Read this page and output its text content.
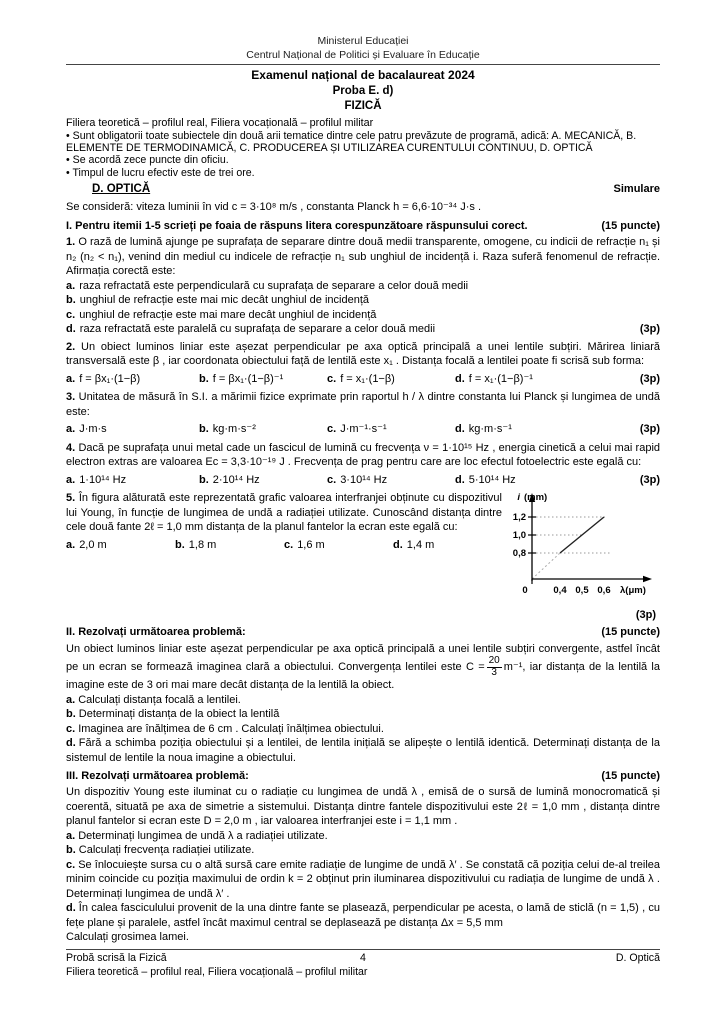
Ministerul Educației
Centrul Național de Politici și Evaluare în Educație
Examenul național de bacalaureat 2024
Proba E. d)
FIZICĂ
Filiera teoretică – profilul real, Filiera vocațională – profilul militar
• Sunt obligatorii toate subiectele din două arii tematice dintre cele patru prevăzute de programă, adică: A. MECANICĂ, B. ELEMENTE DE TERMODINAMICĂ, C. PRODUCEREA ȘI UTILIZAREA CURENTULUI CONTINUU, D. OPTICĂ
• Se acordă zece puncte din oficiu.
• Timpul de lucru efectiv este de trei ore.
D. OPTICĂ	Simulare
Se consideră: viteza luminii în vid c = 3·10⁸ m/s , constanta Planck h = 6,6·10⁻³⁴ J·s .
I. Pentru itemii 1-5 scrieți pe foaia de răspuns litera corespunzătoare răspunsului corect.	(15 puncte)

1. O rază de lumină ajunge pe suprafața de separare dintre două medii transparente, omogene, cu indicii de refracție n₁ și n₂ (n₂ < n₁), venind din mediul cu indicele de refracție n₁ sub unghiul de incidență i. Raza suferă fenomenul de refracție. Afirmația corectă este:

a. raza refractată este perpendiculară cu suprafața de separare a celor două medii
b. unghiul de refracție este mai mic decât unghiul de incidență
c. unghiul de refracție este mai mare decât unghiul de incidență
d. raza refractată este paralelă cu suprafața de separare a celor două medii	(3p)

2. Un obiect luminos liniar este așezat perpendicular pe axa optică principală a unei lentile subțiri. Mărirea liniară transversală este β , iar coordonata obiectului față de lentilă este x₁ . Distanța focală a lentilei poate fi scrisă sub forma:

a. f = βx₁·(1−β)	b. f = βx₁·(1−β)⁻¹	c. f = x₁·(1−β)	d. f = x₁·(1−β)⁻¹	(3p)

3. Unitatea de măsură în S.I. a mărimii fizice exprimate prin raportul h / λ dintre constanta lui Planck și lungimea de undă este:

a. J·m·s	b. kg·m·s⁻²	c. J·m⁻¹·s⁻¹	d. kg·m·s⁻¹	(3p)

4. Dacă pe suprafața unui metal cade un fascicul de lumină cu frecvența ν = 1·10¹⁵ Hz , energia cinetică a celui mai rapid electron extras are valoarea Ec = 3,3·10⁻¹⁹ J . Frecvența de prag pentru care are loc efectul fotoelectric este egală cu:

a. 1·10¹⁴ Hz	b. 2·10¹⁴ Hz	c. 3·10¹⁴ Hz	d. 5·10¹⁴ Hz	(3p)
i (mm)
1,2
1,0
0,8
0	0,4 0,5 0,6 λ(μm)
(3p)

5. În figura alăturată este reprezentată grafic valoarea interfranjei obținute cu dispozitivul lui Young, în funcție de lungimea de undă a radiației utilizate. Cunoscând distanța dintre cele două fante 2ℓ = 1,0 mm distanța de la planul fantelor la ecran este egală cu:

a. 2,0 m	b. 1,8 m	c. 1,6 m	d. 1,4 m
II. Rezolvați următoarea problemă:	(15 puncte)

Un obiect luminos liniar este așezat perpendicular pe axa optică principală a unei lentile subțiri convergente, astfel încât pe un ecran se formează imaginea clară a obiectului. Convergența lentilei este $C = \frac{20}{3} m^{-1}$, iar distanța de la lentilă la imagine este de 3 ori mai mare decât distanța de la lentilă la obiect.

a. Calculați distanța focală a lentilei.
b. Determinați distanța de la obiect la lentilă
c. Imaginea are înălțimea de 6 cm . Calculați înălțimea obiectului.
d. Fără a schimba poziția obiectului și a lentilei, de lentila inițială se alipește o lentilă identică. Determinați distanța de la sistemul de lentile la noua imagine a obiectului.
III. Rezolvați următoarea problemă:	(15 puncte)

Un dispozitiv Young este iluminat cu o radiație cu lungimea de undă λ , emisă de o sursă de lumină monocromatică și coerentă, situată pe axa de simetrie a sistemului. Distanța dintre fantele dispozitivului este 2ℓ = 1,0 mm , distanța dintre planul fantelor si ecran este D = 2,0 m , iar valoarea interfranjei este i = 1,1 mm .

a. Determinați lungimea de undă λ a radiației utilizate.
b. Calculați frecvența radiației utilizate.
c. Se înlocuiește sursa cu o altă sursă care emite radiație de lungime de undă λ′ . Se constată că poziția celui de-al treilea minim coincide cu poziția maximului de ordin k = 2 obținut prin iluminarea dispozitivului cu radiația de lungime de undă λ . Determinați lungimea de undă λ′ .
d. În calea fasciculului provenit de la una dintre fante se plasează, perpendicular pe acesta, o lamă de sticlă (n = 1,5) , cu fețe plane și paralele, astfel încât maximul central se deplasează pe distanța Δx = 5,5 mm
Calculați grosimea lamei.
Probă scrisă la Fizică	4	D. Optică
Filiera teoretică – profilul real, Filiera vocațională – profilul militar
